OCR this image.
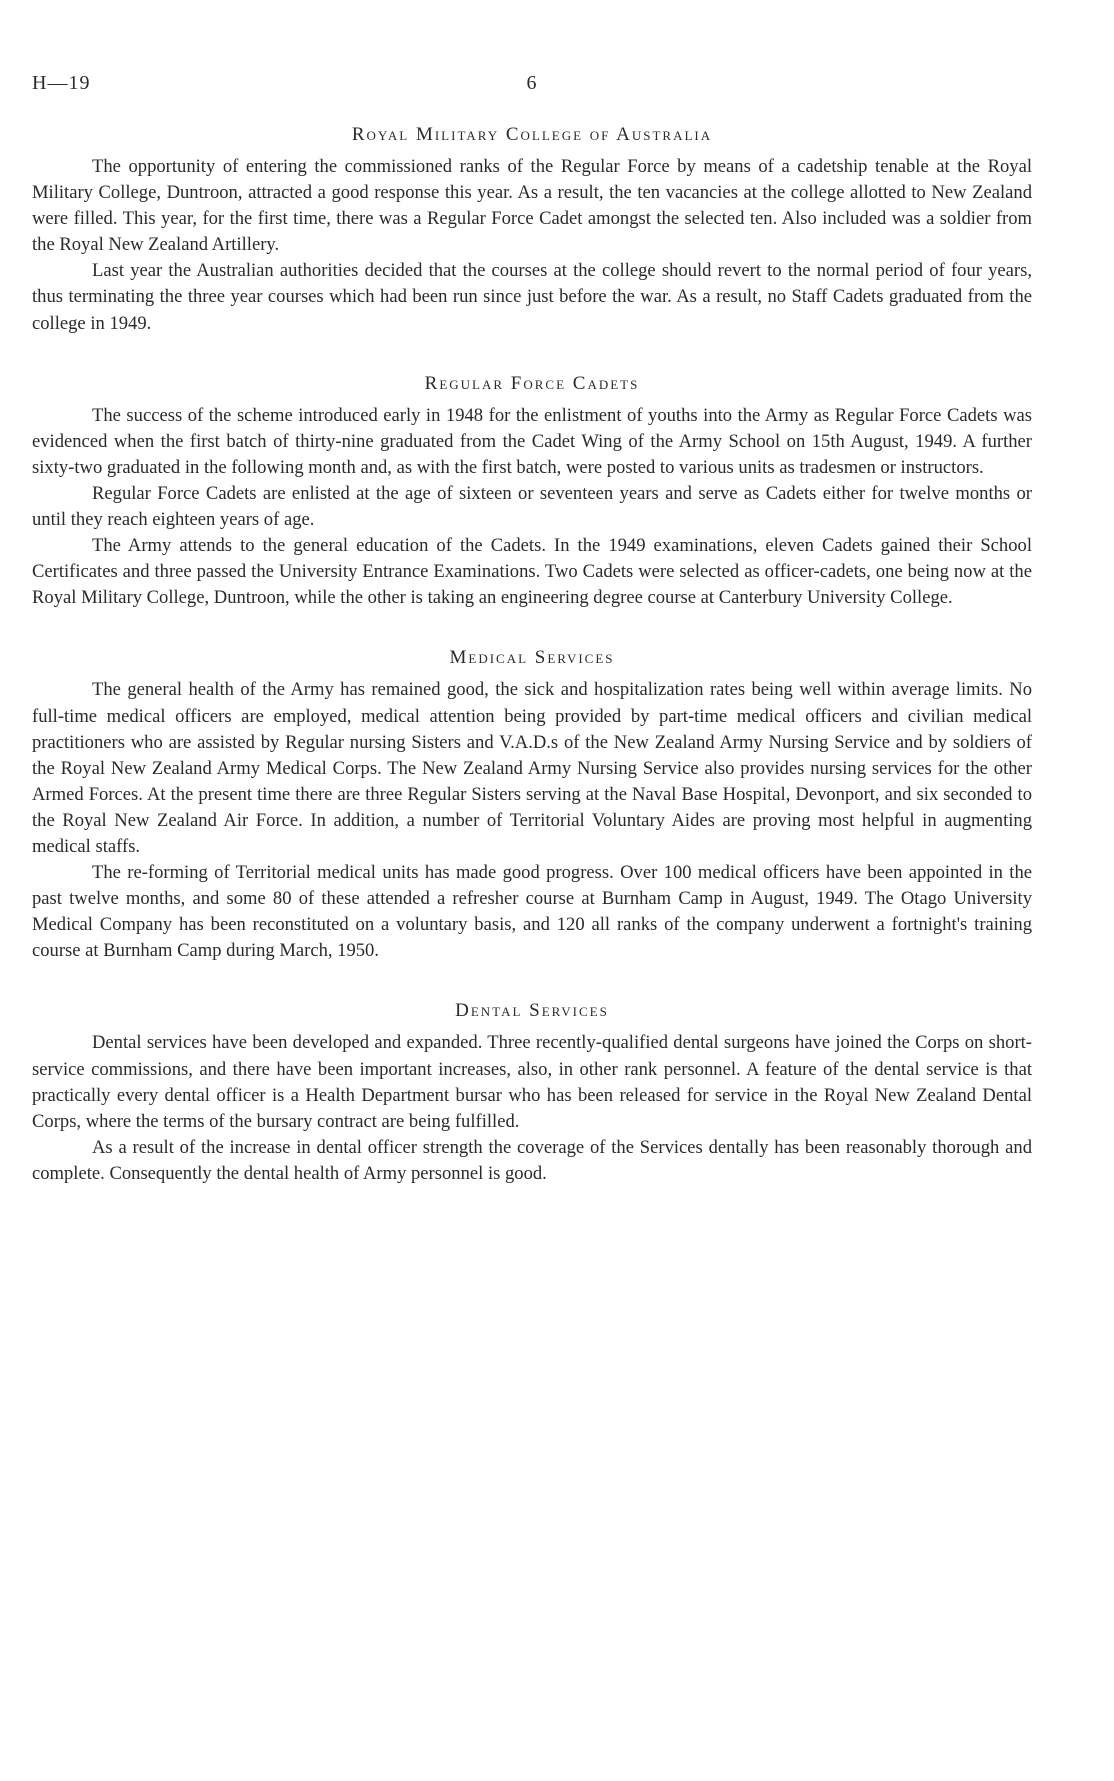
H—19	6
Royal Military College of Australia

The opportunity of entering the commissioned ranks of the Regular Force by means of a cadetship tenable at the Royal Military College, Duntroon, attracted a good response this year. As a result, the ten vacancies at the college allotted to New Zealand were filled. This year, for the first time, there was a Regular Force Cadet amongst the selected ten. Also included was a soldier from the Royal New Zealand Artillery.

Last year the Australian authorities decided that the courses at the college should revert to the normal period of four years, thus terminating the three year courses which had been run since just before the war. As a result, no Staff Cadets graduated from the college in 1949.

Regular Force Cadets

The success of the scheme introduced early in 1948 for the enlistment of youths into the Army as Regular Force Cadets was evidenced when the first batch of thirty-nine graduated from the Cadet Wing of the Army School on 15th August, 1949. A further sixty-two graduated in the following month and, as with the first batch, were posted to various units as tradesmen or instructors.

Regular Force Cadets are enlisted at the age of sixteen or seventeen years and serve as Cadets either for twelve months or until they reach eighteen years of age.

The Army attends to the general education of the Cadets. In the 1949 examinations, eleven Cadets gained their School Certificates and three passed the University Entrance Examinations. Two Cadets were selected as officer-cadets, one being now at the Royal Military College, Duntroon, while the other is taking an engineering degree course at Canterbury University College.

Medical Services

The general health of the Army has remained good, the sick and hospitalization rates being well within average limits. No full-time medical officers are employed, medical attention being provided by part-time medical officers and civilian medical practitioners who are assisted by Regular nursing Sisters and V.A.D.s of the New Zealand Army Nursing Service and by soldiers of the Royal New Zealand Army Medical Corps. The New Zealand Army Nursing Service also provides nursing services for the other Armed Forces. At the present time there are three Regular Sisters serving at the Naval Base Hospital, Devonport, and six seconded to the Royal New Zealand Air Force. In addition, a number of Territorial Voluntary Aides are proving most helpful in augmenting medical staffs.

The re-forming of Territorial medical units has made good progress. Over 100 medical officers have been appointed in the past twelve months, and some 80 of these attended a refresher course at Burnham Camp in August, 1949. The Otago University Medical Company has been reconstituted on a voluntary basis, and 120 all ranks of the company underwent a fortnight's training course at Burnham Camp during March, 1950.

Dental Services

Dental services have been developed and expanded. Three recently-qualified dental surgeons have joined the Corps on short-service commissions, and there have been important increases, also, in other rank personnel. A feature of the dental service is that practically every dental officer is a Health Department bursar who has been released for service in the Royal New Zealand Dental Corps, where the terms of the bursary contract are being fulfilled.

As a result of the increase in dental officer strength the coverage of the Services dentally has been reasonably thorough and complete. Consequently the dental health of Army personnel is good.
